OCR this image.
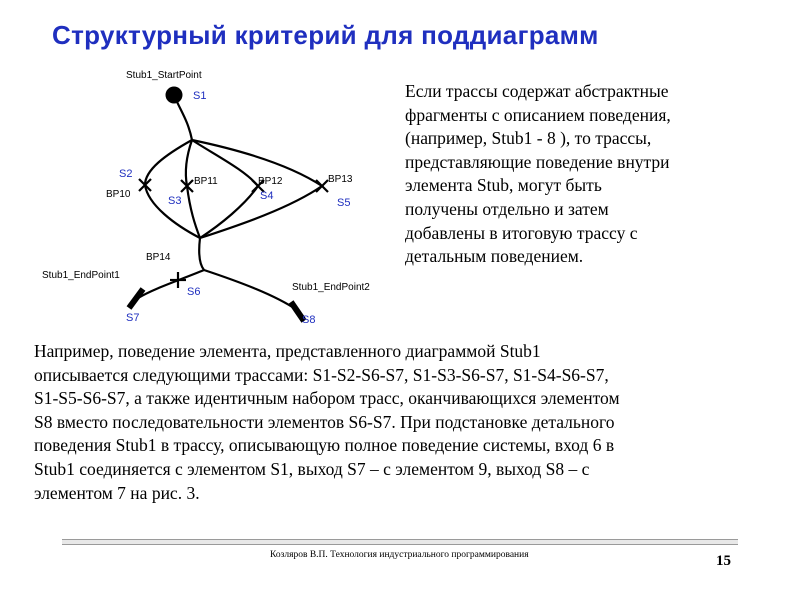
Структурный критерий для поддиаграмм
Stub1_StartPoint
S1
S2
BP10
BP11
S3
BP12
S4
BP13
S5
BP14
Stub1_EndPoint1
Stub1_EndPoint2
S6
S7	S8
Если трассы содержат абстрактные
фрагменты с описанием поведения,
(например, Stub1 - 8 ), то трассы,
представляющие поведение внутри
элемента Stub, могут быть
получены отдельно и затем
добавлены в итоговую трассу с
детальным поведением.
Например, поведение элемента, представленного диаграммой Stub1
описывается следующими трассами: S1-S2-S6-S7, S1-S3-S6-S7, S1-S4-S6-S7,
S1-S5-S6-S7, а также идентичным набором трасс, оканчивающихся элементом
S8 вместо последовательности элементов S6-S7. При подстановке детального
поведения Stub1 в трассу, описывающую полное поведение системы, вход 6 в
Stub1 соединяется с элементом S1, выход S7 – с элементом 9, выход S8 – с
элементом 7 на рис. 3.
Козляров В.П. Технология индустриального программирования	15
